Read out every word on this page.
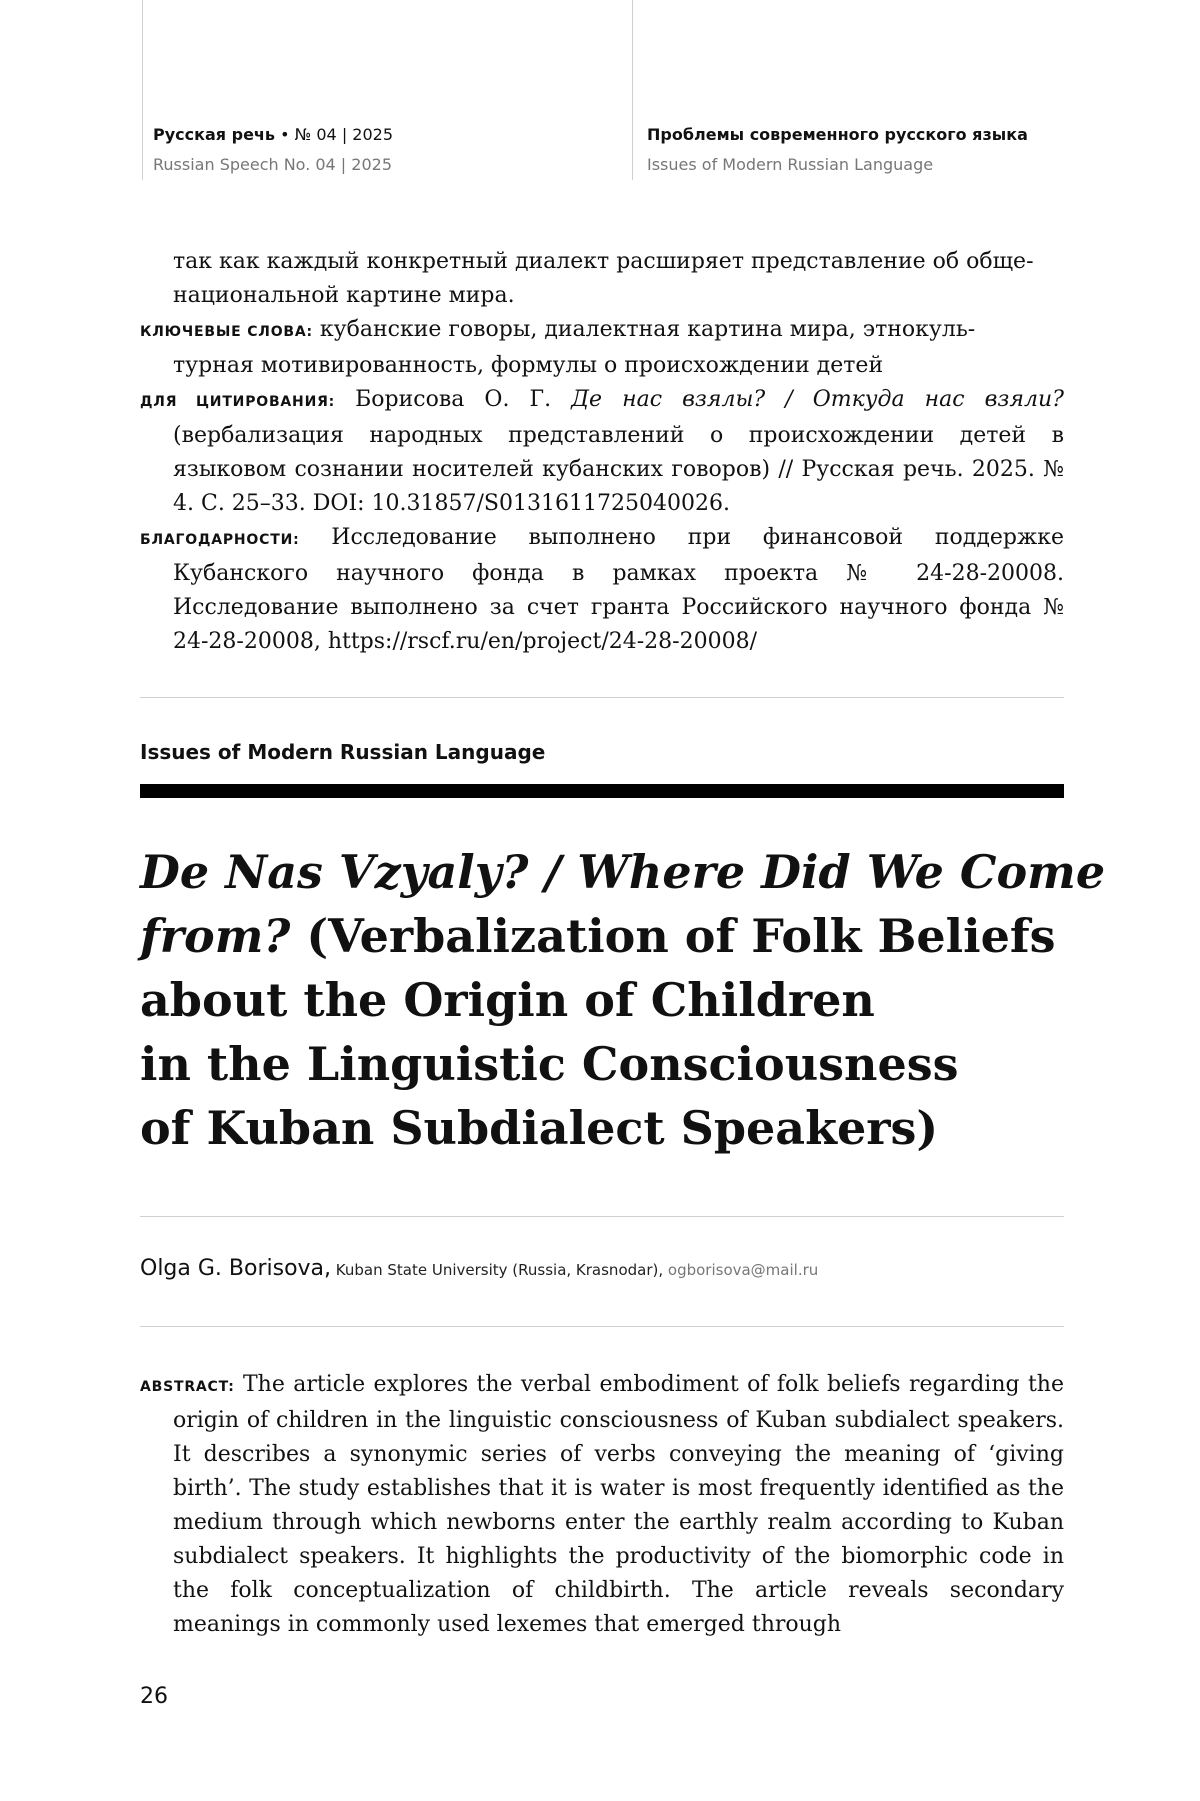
Русская речь • № 04 | 2025
Russian Speech No. 04 | 2025
Проблемы современного русского языка
Issues of Modern Russian Language

так как каждый конкретный диалект расширяет представление об обще-
национальной картине мира.

КЛЮЧЕВЫЕ СЛОВА: кубанские говоры, диалектная картина мира, этнокуль-
турная мотивированность, формулы о происхождении детей

ДЛЯ ЦИТИРОВАНИЯ: Борисова О. Г. Де нас взялы? / Откуда нас взяли? (вербализация народных представлений о происхождении детей в языковом сознании носителей кубанских говоров) // Русская речь. 2025. № 4. С. 25–33. DOI: 10.31857/S0131611725040026.

БЛАГОДАРНОСТИ: Исследование выполнено при финансовой поддержке Кубанского научного фонда в рамках проекта № 24-28-20008. Исследование выполнено за счет гранта Российского научного фонда № 24-28-20008, https://rscf.ru/en/project/24-28-20008/

Issues of Modern Russian Language
De Nas Vzyaly? / Where Did We Come
from? (Verbalization of Folk Beliefs
about the Origin of Children
in the Linguistic Consciousness
of Kuban Subdialect Speakers)
Olga G. Borisova, Kuban State University (Russia, Krasnodar), ogborisova@mail.ru

ABSTRACT: The article explores the verbal embodiment of folk beliefs regarding the origin of children in the linguistic consciousness of Kuban subdialect speakers. It describes a synonymic series of verbs conveying the meaning of ‘giving birth’. The study establishes that it is water is most frequently identified as the medium through which newborns enter the earthly realm according to Kuban subdialect speakers. It highlights the productivity of the biomorphic code in the folk conceptualization of childbirth. The article reveals secondary meanings in commonly used lexemes that emerged through

26
